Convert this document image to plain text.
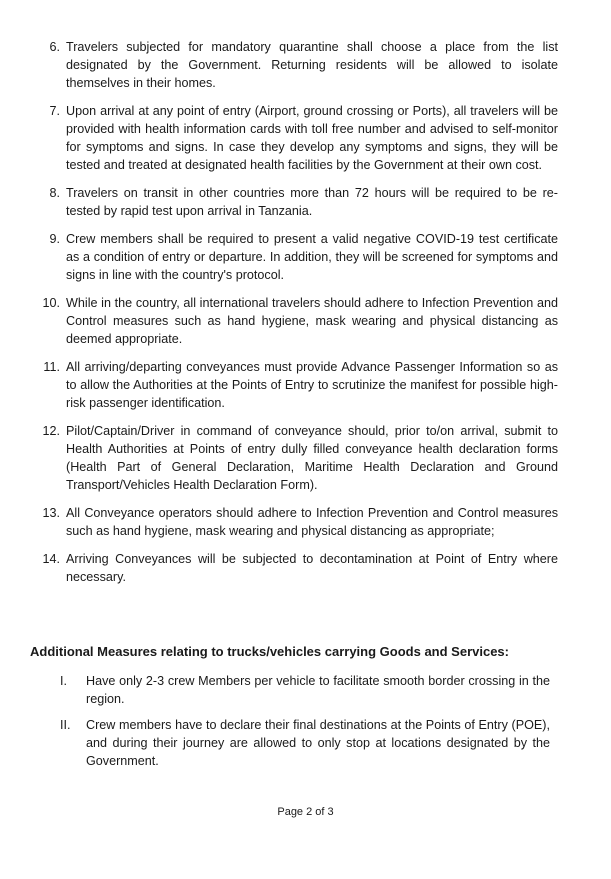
6. Travelers subjected for mandatory quarantine shall choose a place from the list designated by the Government. Returning residents will be allowed to isolate themselves in their homes.
7. Upon arrival at any point of entry (Airport, ground crossing or Ports), all travelers will be provided with health information cards with toll free number and advised to self-monitor for symptoms and signs. In case they develop any symptoms and signs, they will be tested and treated at designated health facilities by the Government at their own cost.
8. Travelers on transit in other countries more than 72 hours will be required to be re-tested by rapid test upon arrival in Tanzania.
9. Crew members shall be required to present a valid negative COVID-19 test certificate as a condition of entry or departure. In addition, they will be screened for symptoms and signs in line with the country's protocol.
10. While in the country, all international travelers should adhere to Infection Prevention and Control measures such as hand hygiene, mask wearing and physical distancing as deemed appropriate.
11. All arriving/departing conveyances must provide Advance Passenger Information so as to allow the Authorities at the Points of Entry to scrutinize the manifest for possible high-risk passenger identification.
12. Pilot/Captain/Driver in command of conveyance should, prior to/on arrival, submit to Health Authorities at Points of entry dully filled conveyance health declaration forms (Health Part of General Declaration, Maritime Health Declaration and Ground Transport/Vehicles Health Declaration Form).
13. All Conveyance operators should adhere to Infection Prevention and Control measures such as hand hygiene, mask wearing and physical distancing as appropriate;
14. Arriving Conveyances will be subjected to decontamination at Point of Entry where necessary.
Additional Measures relating to trucks/vehicles carrying Goods and Services:
I.	Have only 2-3 crew Members per vehicle to facilitate smooth border crossing in the region.
II.	Crew members have to declare their final destinations at the Points of Entry (POE), and during their journey are allowed to only stop at locations designated by the Government.
Page 2 of 3
